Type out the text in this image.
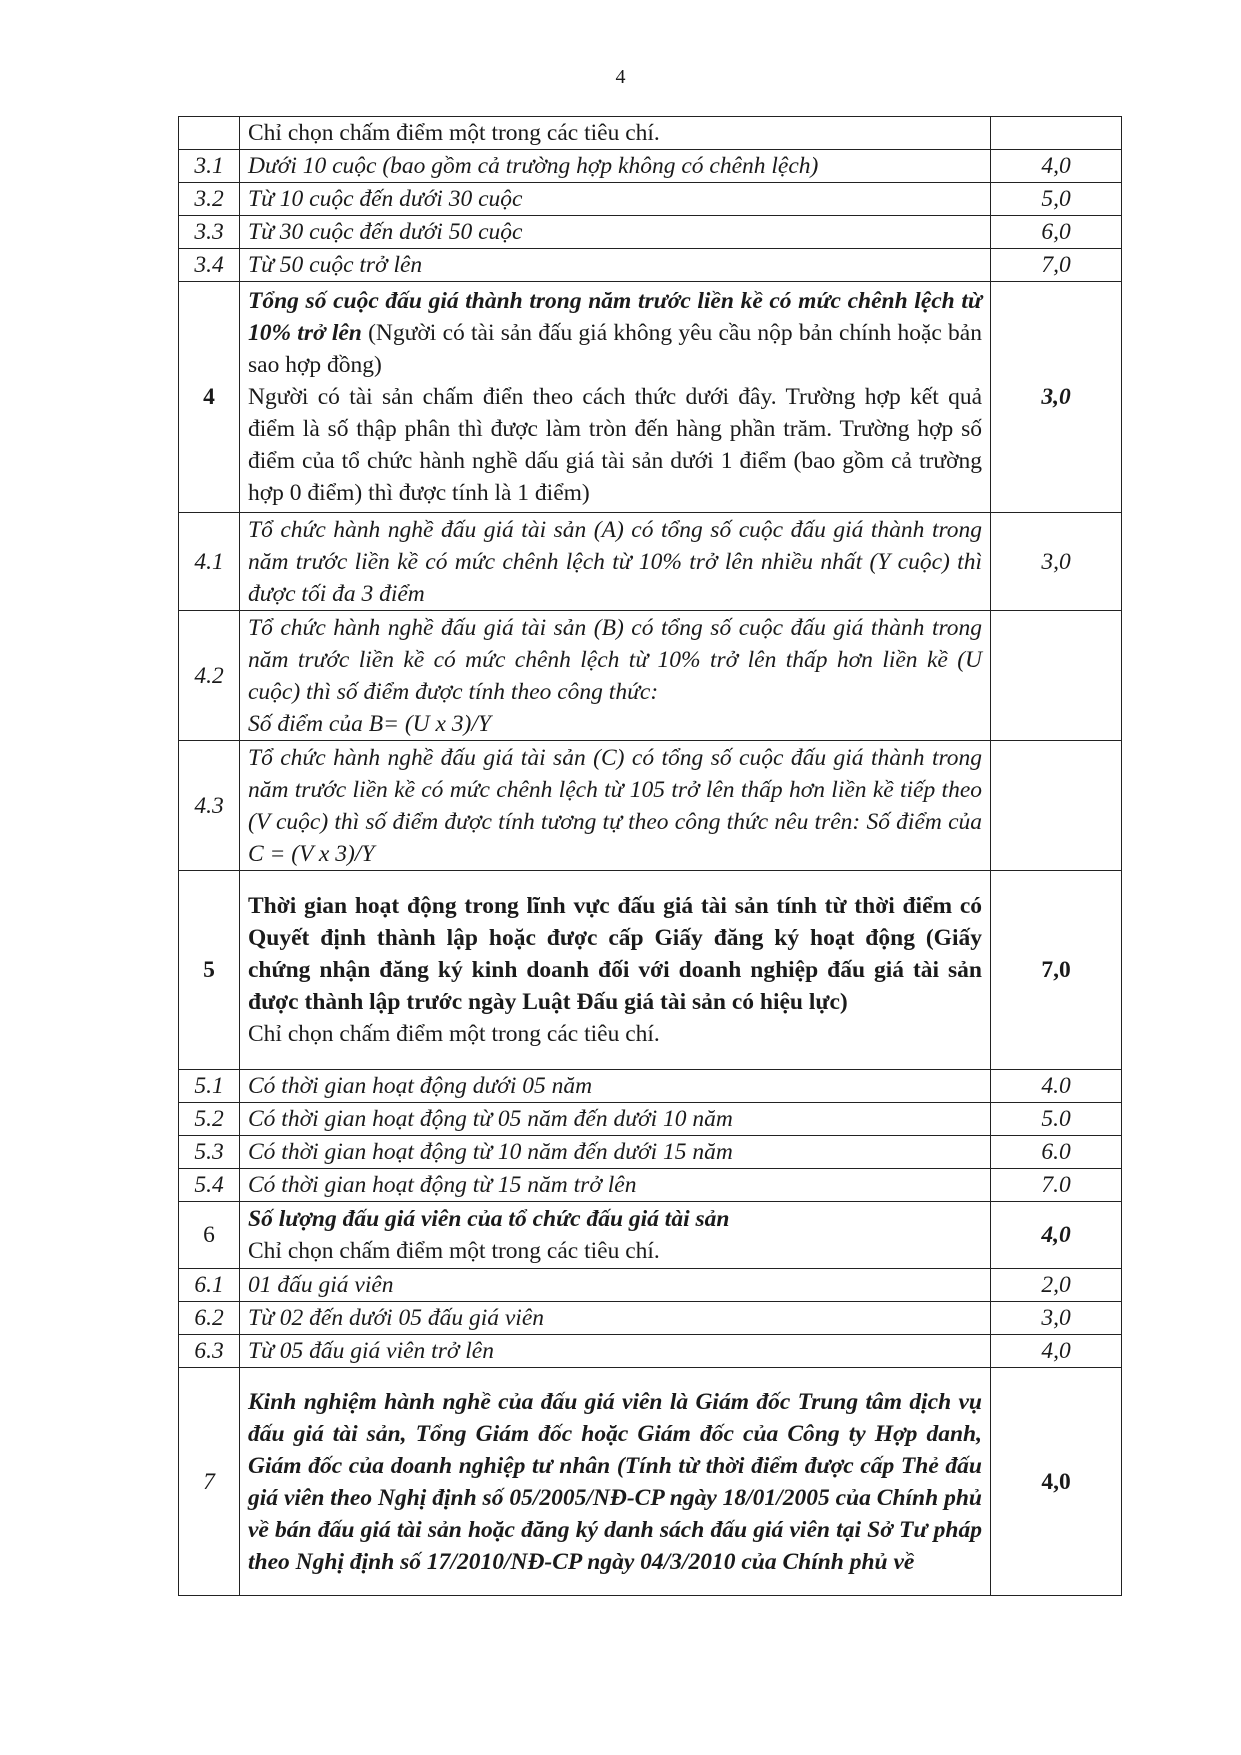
4
	Chỉ chọn chấm điểm một trong các tiêu chí.	
3.1	Dưới 10 cuộc (bao gồm cả trường hợp không có chênh lệch)	4,0
3.2	Từ 10 cuộc đến dưới 30 cuộc	5,0
3.3	Từ 30 cuộc đến dưới 50 cuộc	6,0
3.4	Từ 50 cuộc trở lên	7,0
4	Tổng số cuộc đấu giá thành trong năm trước liền kề có mức chênh lệch từ 10% trở lên (Người có tài sản đấu giá không yêu cầu nộp bản chính hoặc bản sao hợp đồng)
Người có tài sản chấm điển theo cách thức dưới đây. Trường hợp kết quả điểm là số thập phân thì được làm tròn đến hàng phần trăm. Trường hợp số điểm của tổ chức hành nghề dấu giá tài sản dưới 1 điểm (bao gồm cả trường hợp 0 điểm) thì được tính là 1 điểm)	3,0
4.1	Tổ chức hành nghề đấu giá tài sản (A) có tổng số cuộc đấu giá thành trong năm trước liền kề có mức chênh lệch từ 10% trở lên nhiều nhất (Y cuộc) thì được tối đa 3 điểm	3,0
4.2	Tổ chức hành nghề đấu giá tài sản (B) có tổng số cuộc đấu giá thành trong năm trước liền kề có mức chênh lệch từ 10% trở lên thấp hơn liền kề (U cuộc) thì số điểm được tính theo công thức:
Số điểm của B= (U x 3)/Y	

4.3	Tổ chức hành nghề đấu giá tài sản (C) có tổng số cuộc đấu giá thành trong năm trước liền kề có mức chênh lệch từ 105 trở lên thấp hơn liền kề tiếp theo (V cuộc) thì số điểm được tính tương tự theo công thức nêu trên: Số điểm của C = (V x 3)/Y	
5	Thời gian hoạt động trong lĩnh vực đấu giá tài sản tính từ thời điểm có Quyết định thành lập hoặc được cấp Giấy đăng ký hoạt động (Giấy chứng nhận đăng ký kinh doanh đối với doanh nghiệp đấu giá tài sản được thành lập trước ngày Luật Đấu giá tài sản có hiệu lực)
Chỉ chọn chấm điểm một trong các tiêu chí.	7,0
5.1	Có thời gian hoạt động dưới 05 năm	4.0
5.2	Có thời gian hoạt động từ 05 năm đến dưới 10 năm	5.0
5.3	Có thời gian hoạt động từ 10 năm đến dưới 15 năm	6.0
5.4	Có thời gian hoạt động từ 15 năm trở lên	7.0
6	Số lượng đấu giá viên của tổ chức đấu giá tài sản
Chỉ chọn chấm điểm một trong các tiêu chí.	4,0
6.1	01 đấu giá viên	2,0
6.2	Từ 02 đến dưới 05 đấu giá viên	3,0
6.3	Từ 05 đấu giá viên trở lên	4,0
7	Kinh nghiệm hành nghề của đấu giá viên là Giám đốc Trung tâm dịch vụ đấu giá tài sản, Tổng Giám đốc hoặc Giám đốc của Công ty Hợp danh, Giám đốc của doanh nghiệp tư nhân (Tính từ thời điểm được cấp Thẻ đấu giá viên theo Nghị định số 05/2005/NĐ-CP ngày 18/01/2005 của Chính phủ về bán đấu giá tài sản hoặc đăng ký danh sách đấu giá viên tại Sở Tư pháp theo Nghị định số 17/2010/NĐ-CP ngày 04/3/2010 của Chính phủ về	4,0
